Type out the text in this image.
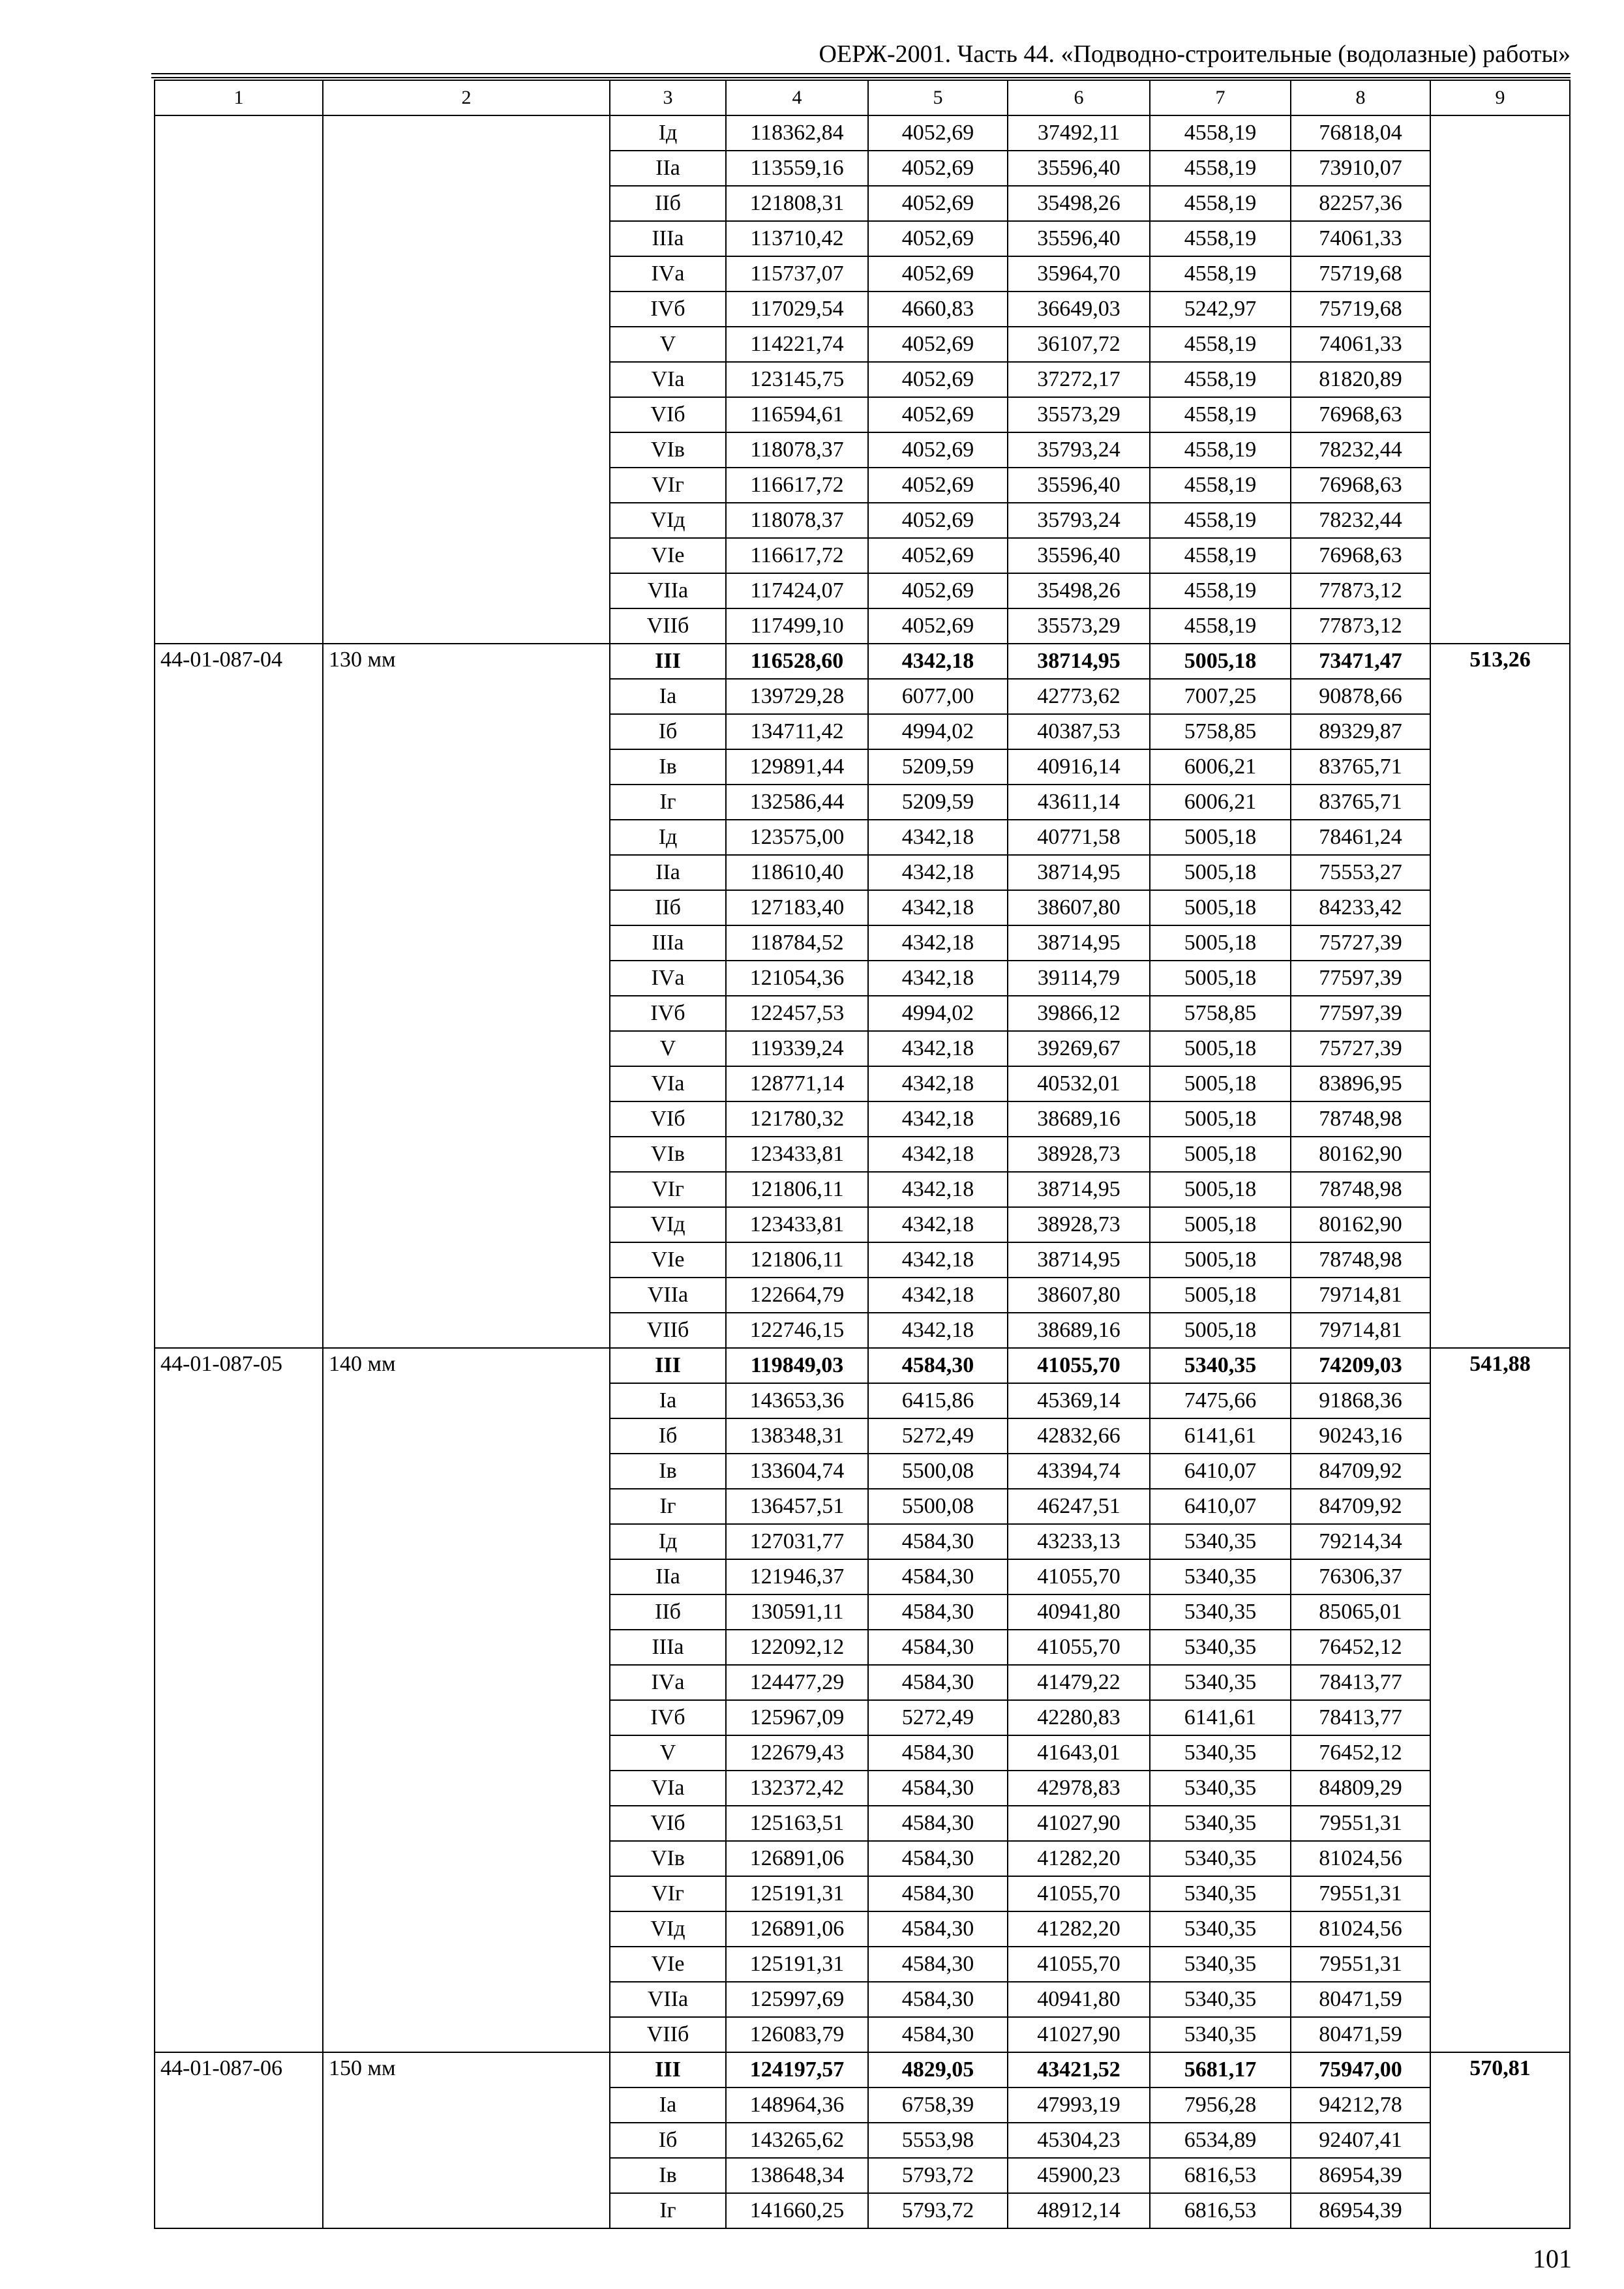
ОЕРЖ-2001. Часть 44. «Подводно-строительные (водолазные) работы»
1	2	3	4	5	6	7	8	9
		Iд	118362,84	4052,69	37492,11	4558,19	76818,04	
		IIа	113559,16	4052,69	35596,40	4558,19	73910,07	
		IIб	121808,31	4052,69	35498,26	4558,19	82257,36	
		IIIа	113710,42	4052,69	35596,40	4558,19	74061,33	
		IVа	115737,07	4052,69	35964,70	4558,19	75719,68	
		IVб	117029,54	4660,83	36649,03	5242,97	75719,68	
		V	114221,74	4052,69	36107,72	4558,19	74061,33	
		VIа	123145,75	4052,69	37272,17	4558,19	81820,89	
		VIб	116594,61	4052,69	35573,29	4558,19	76968,63	
		VIв	118078,37	4052,69	35793,24	4558,19	78232,44	
		VIг	116617,72	4052,69	35596,40	4558,19	76968,63	
		VIд	118078,37	4052,69	35793,24	4558,19	78232,44	
		VIе	116617,72	4052,69	35596,40	4558,19	76968,63	
		VIIа	117424,07	4052,69	35498,26	4558,19	77873,12	
		VIIб	117499,10	4052,69	35573,29	4558,19	77873,12	
44-01-087-04	130 мм	III	116528,60	4342,18	38714,95	5005,18	73471,47	513,26
		Iа	139729,28	6077,00	42773,62	7007,25	90878,66	
		Iб	134711,42	4994,02	40387,53	5758,85	89329,87	
		Iв	129891,44	5209,59	40916,14	6006,21	83765,71	
		Iг	132586,44	5209,59	43611,14	6006,21	83765,71	
		Iд	123575,00	4342,18	40771,58	5005,18	78461,24	
		IIа	118610,40	4342,18	38714,95	5005,18	75553,27	
		IIб	127183,40	4342,18	38607,80	5005,18	84233,42	
		IIIа	118784,52	4342,18	38714,95	5005,18	75727,39	
		IVа	121054,36	4342,18	39114,79	5005,18	77597,39	
		IVб	122457,53	4994,02	39866,12	5758,85	77597,39	
		V	119339,24	4342,18	39269,67	5005,18	75727,39	
		VIа	128771,14	4342,18	40532,01	5005,18	83896,95	
		VIб	121780,32	4342,18	38689,16	5005,18	78748,98	
		VIв	123433,81	4342,18	38928,73	5005,18	80162,90	
		VIг	121806,11	4342,18	38714,95	5005,18	78748,98	
		VIд	123433,81	4342,18	38928,73	5005,18	80162,90	
		VIе	121806,11	4342,18	38714,95	5005,18	78748,98	
		VIIа	122664,79	4342,18	38607,80	5005,18	79714,81	
		VIIб	122746,15	4342,18	38689,16	5005,18	79714,81	
44-01-087-05	140 мм	III	119849,03	4584,30	41055,70	5340,35	74209,03	541,88
		Iа	143653,36	6415,86	45369,14	7475,66	91868,36	
		Iб	138348,31	5272,49	42832,66	6141,61	90243,16	
		Iв	133604,74	5500,08	43394,74	6410,07	84709,92	
		Iг	136457,51	5500,08	46247,51	6410,07	84709,92	
		Iд	127031,77	4584,30	43233,13	5340,35	79214,34	
		IIа	121946,37	4584,30	41055,70	5340,35	76306,37	
		IIб	130591,11	4584,30	40941,80	5340,35	85065,01	
		IIIа	122092,12	4584,30	41055,70	5340,35	76452,12	
		IVа	124477,29	4584,30	41479,22	5340,35	78413,77	
		IVб	125967,09	5272,49	42280,83	6141,61	78413,77	
		V	122679,43	4584,30	41643,01	5340,35	76452,12	
		VIа	132372,42	4584,30	42978,83	5340,35	84809,29	
		VIб	125163,51	4584,30	41027,90	5340,35	79551,31	
		VIв	126891,06	4584,30	41282,20	5340,35	81024,56	
		VIг	125191,31	4584,30	41055,70	5340,35	79551,31	
		VIд	126891,06	4584,30	41282,20	5340,35	81024,56	
		VIе	125191,31	4584,30	41055,70	5340,35	79551,31	
		VIIа	125997,69	4584,30	40941,80	5340,35	80471,59	
		VIIб	126083,79	4584,30	41027,90	5340,35	80471,59	
44-01-087-06	150 мм	III	124197,57	4829,05	43421,52	5681,17	75947,00	570,81
		Iа	148964,36	6758,39	47993,19	7956,28	94212,78	
		Iб	143265,62	5553,98	45304,23	6534,89	92407,41	
		Iв	138648,34	5793,72	45900,23	6816,53	86954,39	
		Iг	141660,25	5793,72	48912,14	6816,53	86954,39	
101
